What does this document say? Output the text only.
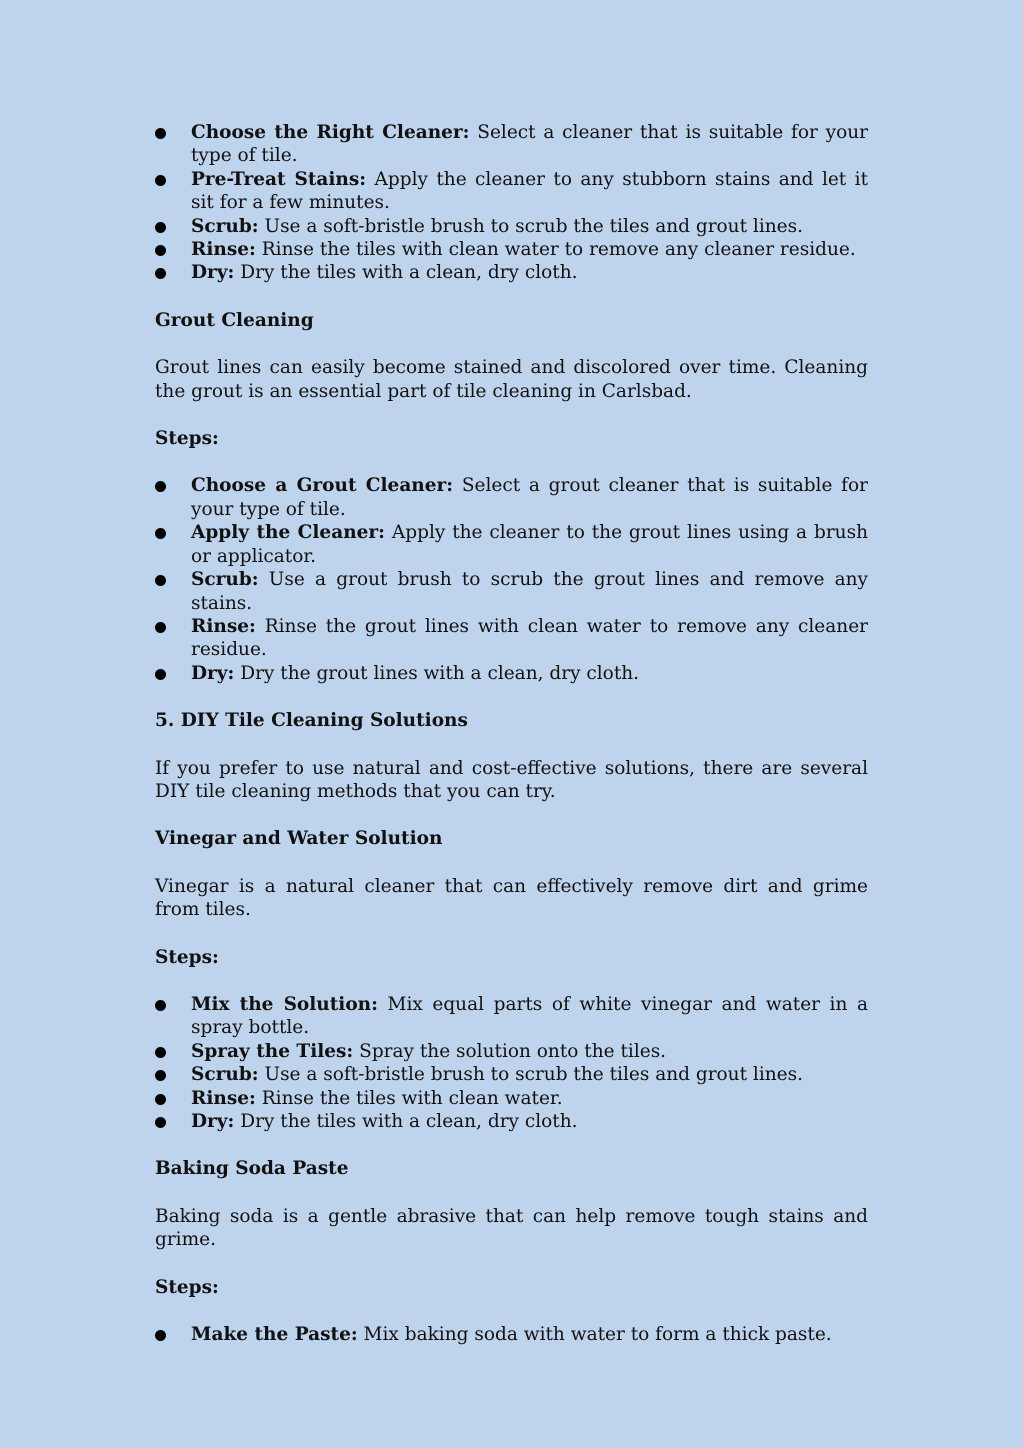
Choose the Right Cleaner: Select a cleaner that is suitable for your type of tile.
Pre-Treat Stains: Apply the cleaner to any stubborn stains and let it sit for a few minutes.
Scrub: Use a soft-bristle brush to scrub the tiles and grout lines.
Rinse: Rinse the tiles with clean water to remove any cleaner residue.
Dry: Dry the tiles with a clean, dry cloth.
Grout Cleaning

Grout lines can easily become stained and discolored over time. Cleaning the grout is an essential part of tile cleaning in Carlsbad.

Steps:
Choose a Grout Cleaner: Select a grout cleaner that is suitable for your type of tile.
Apply the Cleaner: Apply the cleaner to the grout lines using a brush or applicator.
Scrub: Use a grout brush to scrub the grout lines and remove any stains.
Rinse: Rinse the grout lines with clean water to remove any cleaner residue.
Dry: Dry the grout lines with a clean, dry cloth.
5. DIY Tile Cleaning Solutions

If you prefer to use natural and cost-effective solutions, there are several DIY tile cleaning methods that you can try.

Vinegar and Water Solution

Vinegar is a natural cleaner that can effectively remove dirt and grime from tiles.

Steps:
Mix the Solution: Mix equal parts of white vinegar and water in a spray bottle.
Spray the Tiles: Spray the solution onto the tiles.
Scrub: Use a soft-bristle brush to scrub the tiles and grout lines.
Rinse: Rinse the tiles with clean water.
Dry: Dry the tiles with a clean, dry cloth.
Baking Soda Paste

Baking soda is a gentle abrasive that can help remove tough stains and grime.

Steps:
Make the Paste: Mix baking soda with water to form a thick paste.
